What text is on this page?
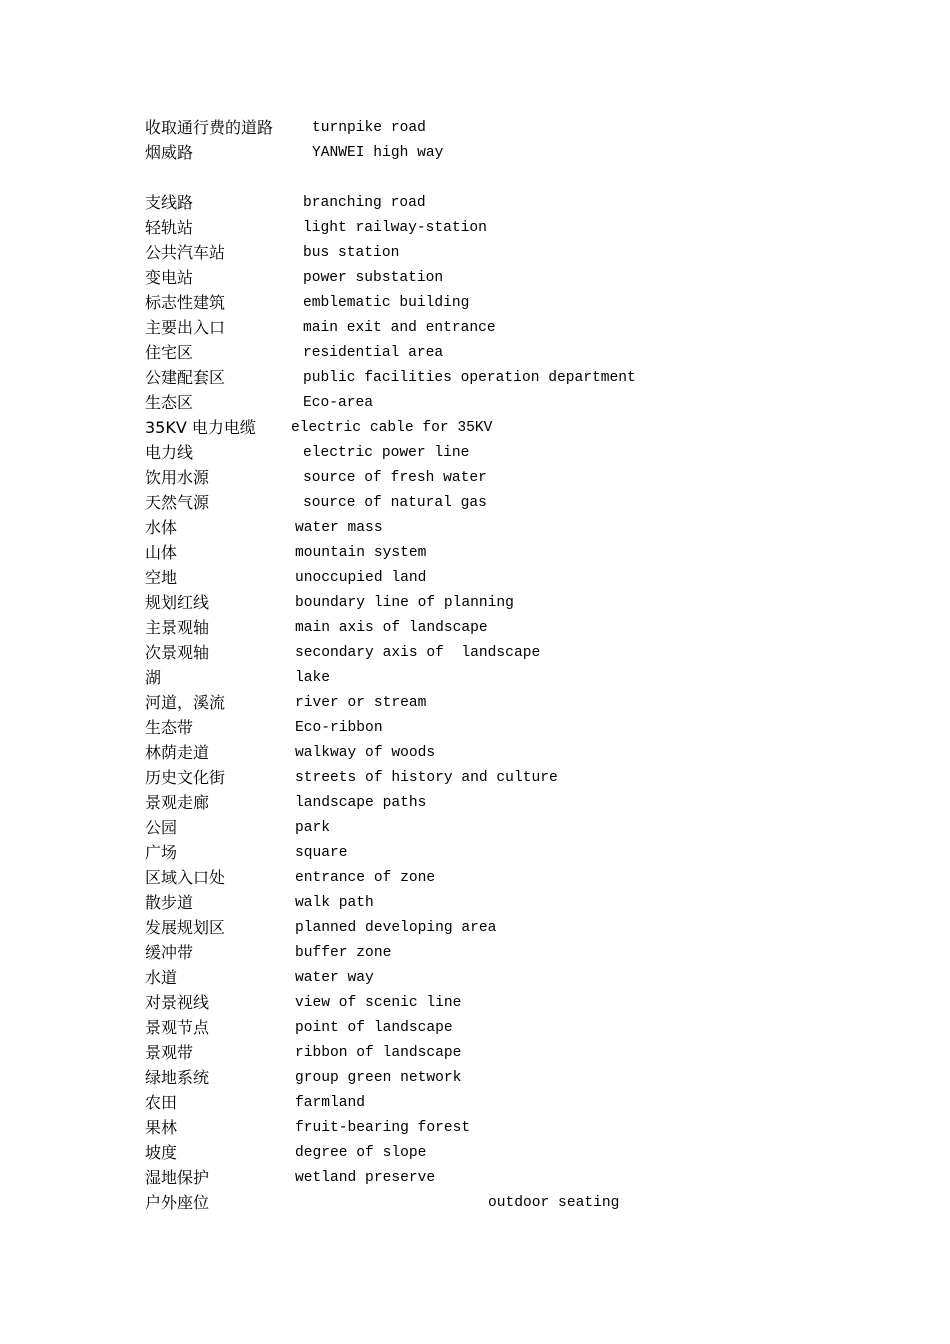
收取通行费的道路	turnpike road
烟威路	YANWEI high way
支线路	branching road
轻轨站	light railway-station
公共汽车站	bus station
变电站	power substation
标志性建筑	emblematic building
主要出入口	main exit and entrance
住宅区	residential area
公建配套区	public facilities operation department
生态区	Eco-area
35KV 电力电缆 electric cable for 35KV
电力线	electric power line
饮用水源	source of fresh water
天然气源	source of natural gas
水体	water mass
山体	mountain system
空地	unoccupied land
规划红线	boundary line of planning
主景观轴	main axis of landscape
次景观轴	secondary axis of  landscape
湖	lake
河道，溪流	river or stream
生态带	Eco-ribbon
林荫走道	walkway of woods
历史文化街	streets of history and culture
景观走廊	landscape paths
公园	park
广场	square
区域入口处	entrance of zone
散步道	walk path
发展规划区	planned developing area
缓冲带	buffer zone
水道	water way
对景视线	view of scenic line
景观节点	point of landscape
景观带	ribbon of landscape
绿地系统	group green network
农田	farmland
果林	fruit-bearing forest
坡度	degree of slope
湿地保护	wetland preserve
户外座位	outdoor seating
